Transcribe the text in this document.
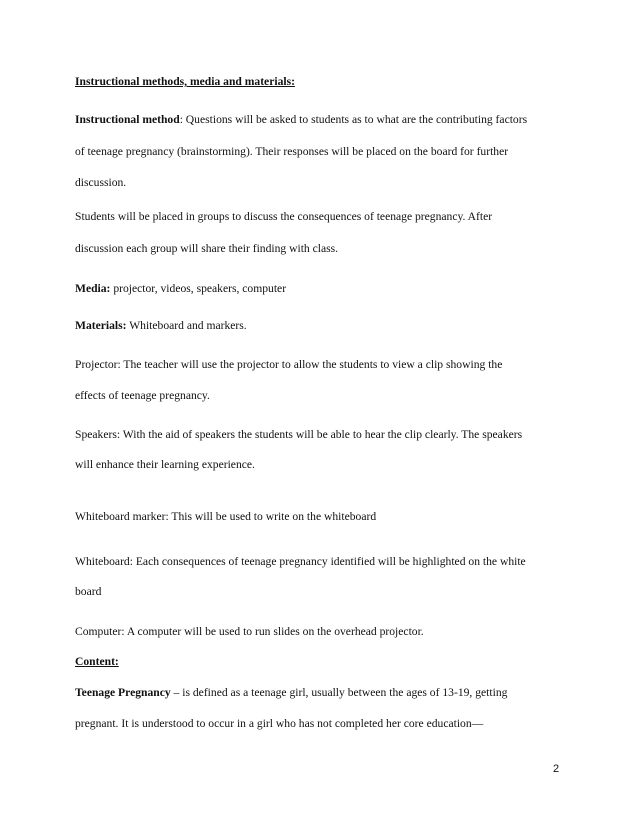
Instructional methods, media and materials:
Instructional method: Questions will be asked to students as to what are the contributing factors
of teenage pregnancy (brainstorming). Their responses will be placed on the board for further
discussion.
Students will be placed in groups to discuss the consequences of teenage pregnancy. After
discussion each group will share their finding with class.
Media: projector, videos, speakers, computer
Materials: Whiteboard and markers.
Projector: The teacher will use the projector to allow the students to view a clip showing the
effects of teenage pregnancy.
Speakers: With the aid of speakers the students will be able to hear the clip clearly. The speakers
will enhance their learning experience.
Whiteboard marker: This will be used to write on the whiteboard
Whiteboard: Each consequences of teenage pregnancy identified will be highlighted on the white
board
Computer: A computer will be used to run slides on the overhead projector.
Content:
Teenage Pregnancy – is defined as a teenage girl, usually between the ages of 13-19, getting
pregnant. It is understood to occur in a girl who has not completed her core education—
2
